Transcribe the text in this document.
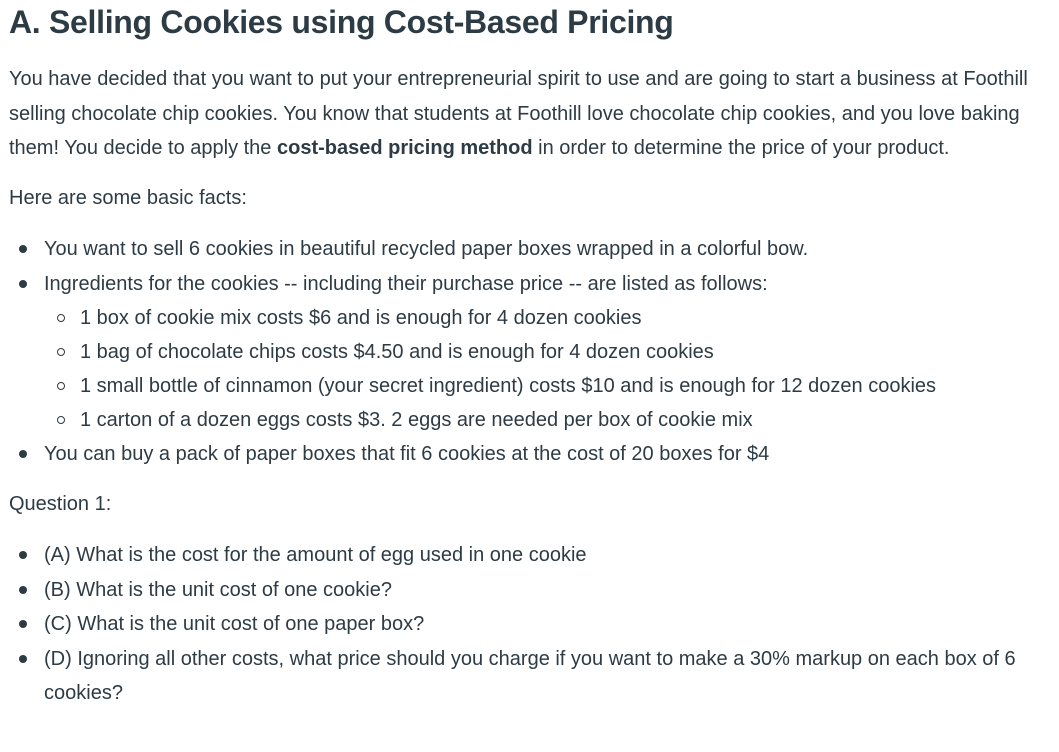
A. Selling Cookies using Cost-Based Pricing

You have decided that you want to put your entrepreneurial spirit to use and are going to start a business at Foothill selling chocolate chip cookies. You know that students at Foothill love chocolate chip cookies, and you love baking them! You decide to apply the cost-based pricing method in order to determine the price of your product.

Here are some basic facts:

You want to sell 6 cookies in beautiful recycled paper boxes wrapped in a colorful bow.
Ingredients for the cookies -- including their purchase price -- are listed as follows:
1 box of cookie mix costs $6 and is enough for 4 dozen cookies
1 bag of chocolate chips costs $4.50 and is enough for 4 dozen cookies
1 small bottle of cinnamon (your secret ingredient) costs $10 and is enough for 12 dozen cookies
1 carton of a dozen eggs costs $3. 2 eggs are needed per box of cookie mix
You can buy a pack of paper boxes that fit 6 cookies at the cost of 20 boxes for $4

Question 1:

(A) What is the cost for the amount of egg used in one cookie
(B) What is the unit cost of one cookie?
(C) What is the unit cost of one paper box?
(D) Ignoring all other costs, what price should you charge if you want to make a 30% markup on each box of 6 cookies?
